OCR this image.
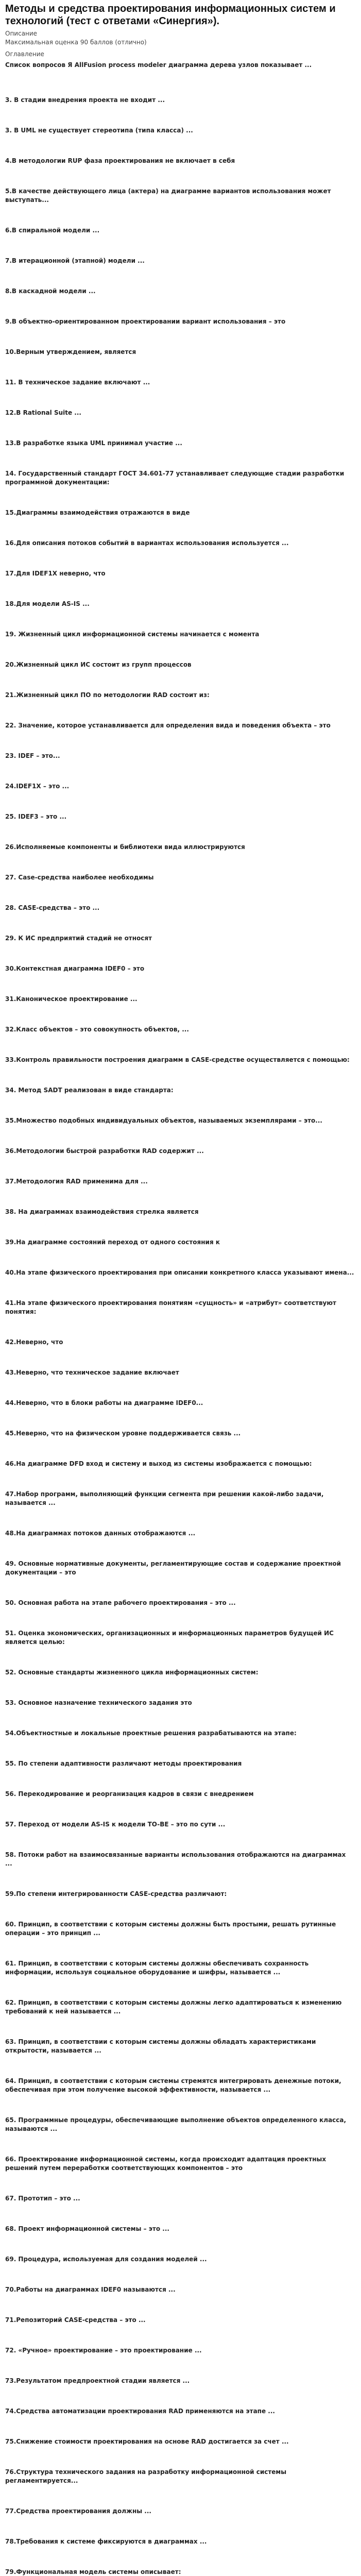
Методы и средства проектирования информационных систем и технологий (тест с ответами «Синергия»).
Описание
Максимальная оценка 90 баллов (отлично)
Оглавление
Список вопросов Я AllFusion process modeler диаграмма дерева узлов показывает ...
3. В стадии внедрения проекта не входит ...
3. В UML не существует стереотипа (типа класса) ...
4.В методологии RUP фаза проектирования не включает в себя
5.В качестве действующего лица (актера) на диаграмме вариантов использования может выступать...
6.В спиральной модели ...
7.В итерационной (этапной) модели ...
8.В каскадной модели ...
9.В объектно-ориентированном проектировании вариант использования – это
10.Верным утверждением, является
11. В техническое задание включают ...
12.В Rational Suite ...
13.В разработке языка UML принимал участие ...
14. Государственный стандарт ГОСТ 34.601-77 устанавливает следующие стадии разработки программной документации:
15.Диаграммы взаимодействия отражаются в виде
16.Для описания потоков событий в вариантах использования используется ...
17.Для IDEF1X неверно, что
18.Для модели AS-IS ...
19. Жизненный цикл информационной системы начинается с момента
20.Жизненный цикл ИС состоит из групп процессов
21.Жизненный цикл ПО по методологии RAD состоит из:
22. Значение, которое устанавливается для определения вида и поведения объекта – это
23. IDEF – это...
24.IDEF1X – это ...
25. IDEF3 – это ...
26.Исполняемые компоненты и библиотеки вида иллюстрируются
27. Case-средства наиболее необходимы
28. CASE-средства – это ...
29. К ИС предприятий стадий не относят
30.Контекстная диаграмма IDEF0 – это
31.Каноническое проектирование ...
32.Класс объектов – это совокупность объектов, ...
33.Контроль правильности построения диаграмм в CASE-средстве осуществляется с помощью:
34. Метод SADT реализован в виде стандарта:
35.Множество подобных индивидуальных объектов, называемых экземплярами – это...
36.Методологии быстрой разработки RAD содержит ...
37.Методология RAD применима для ...
38. На диаграммах взаимодействия стрелка является
39.На диаграмме состояний переход от одного состояния к
40.На этапе физического проектирования при описании конкретного класса указывают имена...
41.На этапе физического проектирования понятиям «сущность» и «атрибут» соответствуют понятия:
42.Неверно, что
43.Неверно, что техническое задание включает
44.Неверно, что в блоки работы на диаграмме IDEF0...
45.Неверно, что на физическом уровне поддерживается связь ...
46.На диаграмме DFD вход и систему и выход из системы изображается с помощью:
47.Набор программ, выполняющий функции сегмента при решении какой-либо задачи, называется ...
48.На диаграммах потоков данных отображаются ...
49. Основные нормативные документы, регламентирующие состав и содержание проектной документации – это
50. Основная работа на этапе рабочего проектирования – это ...
51. Оценка экономических, организационных и информационных параметров будущей ИС является целью:
52. Основные стандарты жизненного цикла информационных систем:
53. Основное назначение технического задания это
54.Объектностные и локальные проектные решения разрабатываются на этапе:
55. По степени адаптивности различают методы проектирования
56. Перекодирование и реорганизация кадров в связи с внедрением
57. Переход от модели AS-IS к модели TO-BE – это по сути ...
58. Потоки работ на взаимосвязанные варианты использования отображаются на диаграммах ...
59.По степени интегрированности CASE-средства различают:
60. Принцип, в соответствии с которым системы должны быть простыми, решать рутинные операции – это принцип ...
61. Принцип, в соответствии с которым системы должны обеспечивать сохранность информации, используя социальное оборудование и шифры, называется ...
62. Принцип, в соответствии с которым системы должны легко адаптироваться к изменению требований к ней называется ...
63. Принцип, в соответствии с которым системы должны обладать характеристиками открытости, называется ...
64. Принцип, в соответствии с которым системы стремятся интегрировать денежные потоки, обеспечивая при этом получение высокой эффективности, называется ...
65. Программные процедуры, обеспечивающие выполнение объектов определенного класса, называются ...
66. Проектирование информационной системы, когда происходит адаптация проектных решений путем переработки соответствующих компонентов – это
67. Прототип – это ...
68. Проект информационной системы – это ...
69. Процедура, используемая для создания моделей ...
70.Работы на диаграммах IDEF0 называются ...
71.Репозиторий CASE-средства – это ...
72. «Ручное» проектирование – это проектирование ...
73.Результатом предпроектной стадии является ...
74.Средства автоматизации проектирования RAD применяются на этапе ...
75.Снижение стоимости проектирования на основе RAD достигается за счет ...
76.Структура технического задания на разработку информационной системы регламентируется...
77.Средства проектирования должны ...
78.Требования к системе фиксируются в диаграммах ...
79.Функциональная модель системы описывает:
